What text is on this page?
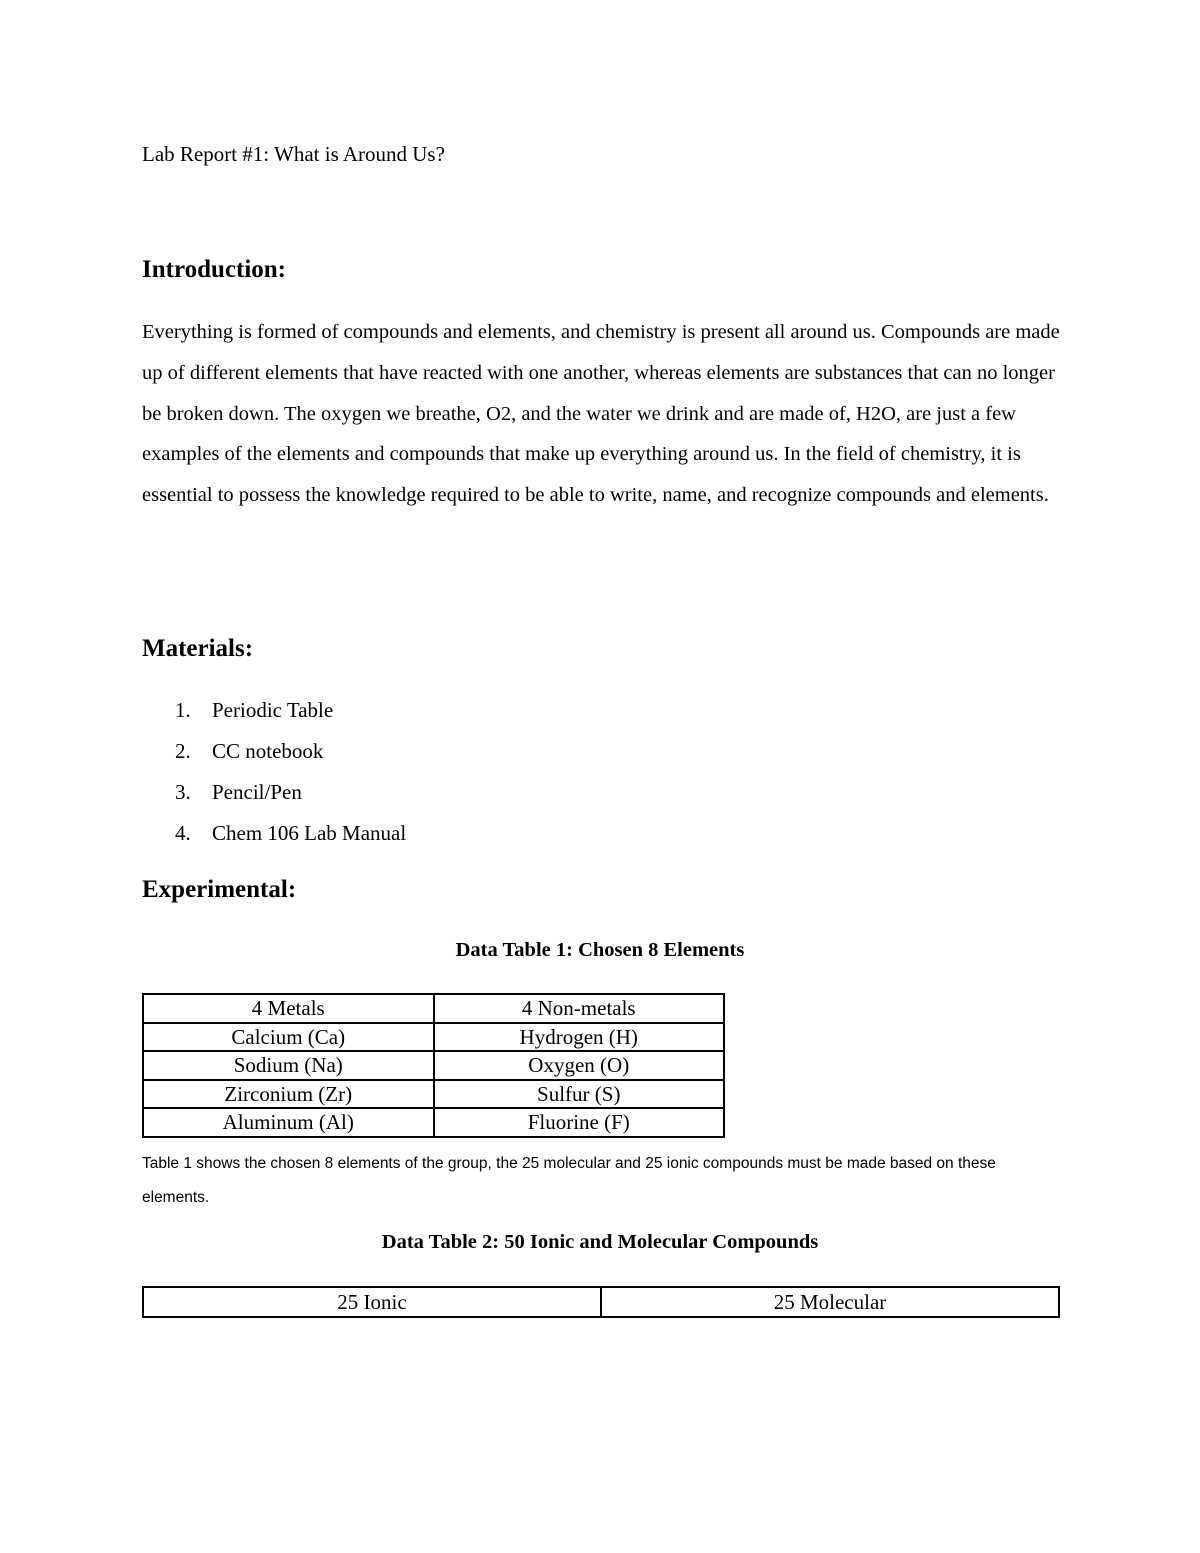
Lab Report #1: What is Around Us?
Introduction:
Everything is formed of compounds and elements, and chemistry is present all around us. Compounds are made up of different elements that have reacted with one another, whereas elements are substances that can no longer be broken down. The oxygen we breathe, O2, and the water we drink and are made of, H2O, are just a few examples of the elements and compounds that make up everything around us. In the field of chemistry, it is essential to possess the knowledge required to be able to write, name, and recognize compounds and elements.
Materials:
1. Periodic Table
2. CC notebook
3. Pencil/Pen
4. Chem 106 Lab Manual
Experimental:
Data Table 1: Chosen 8 Elements
4 Metals	4 Non-metals
Calcium (Ca)	Hydrogen (H)
Sodium (Na)	Oxygen (O)
Zirconium (Zr)	Sulfur (S)
Aluminum (Al)	Fluorine (F)
Table 1 shows the chosen 8 elements of the group, the 25 molecular and 25 ionic compounds must be made based on these elements.
Data Table 2: 50 Ionic and Molecular Compounds
25 Ionic	25 Molecular
